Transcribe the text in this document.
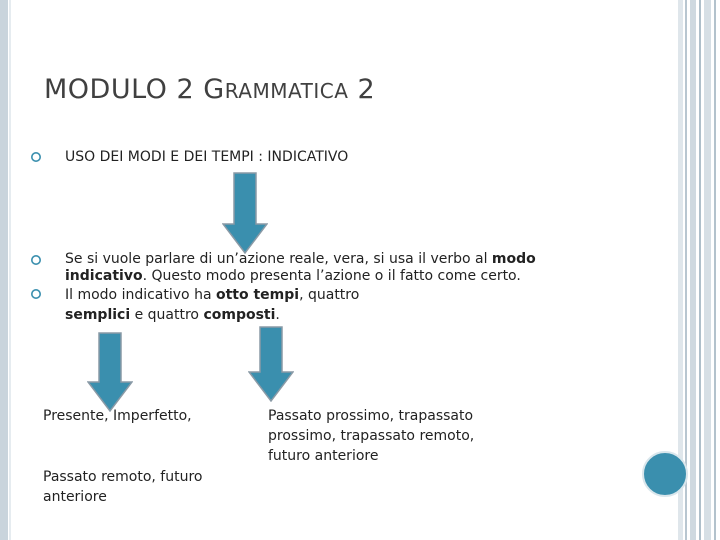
MODULO 2 GRAMMATICA 2
USO DEI MODI E DEI TEMPI : INDICATIVO
Se si vuole parlare di un’azione reale, vera, si usa il verbo al modo indicativo. Questo modo presenta l’azione o il fatto come certo.
Il modo indicativo ha otto tempi, quattro semplici e quattro composti.
Presente, Imperfetto,
Passato remoto, futuro anteriore
Passato prossimo, trapassato prossimo, trapassato remoto, futuro anteriore
